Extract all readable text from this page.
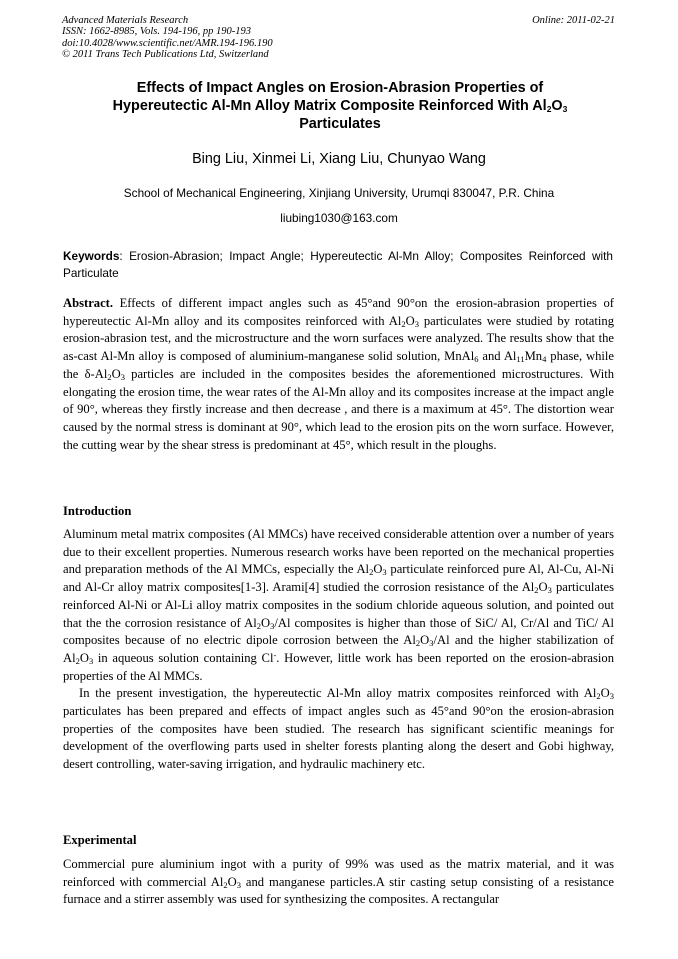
Advanced Materials Research
ISSN: 1662-8985, Vols. 194-196, pp 190-193
doi:10.4028/www.scientific.net/AMR.194-196.190
© 2011 Trans Tech Publications Ltd, Switzerland
Online: 2011-02-21
Effects of Impact Angles on Erosion-Abrasion Properties of
Hypereutectic Al-Mn Alloy Matrix Composite Reinforced With $Al_2O_3$
Particulates
Bing Liu, Xinmei Li, Xiang Liu, Chunyao Wang
School of Mechanical Engineering, Xinjiang University, Urumqi 830047, P.R. China
liubing1030@163.com
Keywords: Erosion-Abrasion; Impact Angle; Hypereutectic Al-Mn Alloy; Composites Reinforced with Particulate

Abstract. Effects of different impact angles such as 45°and 90°on the erosion-abrasion properties of hypereutectic Al-Mn alloy and its composites reinforced with $Al_2O_3$ particulates were studied by rotating erosion-abrasion test, and the microstructure and the worn surfaces were analyzed. The results show that the as-cast Al-Mn alloy is composed of aluminium-manganese solid solution, MnAl$_6$ and $Al_{11}Mn_4$ phase, while the $\delta-Al_2O_3$ particles are included in the composites besides the aforementioned microstructures. With elongating the erosion time, the wear rates of the Al-Mn alloy and its composites increase at the impact angle of 90°, whereas they firstly increase and then decrease , and there is a maximum at 45°. The distortion wear caused by the normal stress is dominant at 90°, which lead to the erosion pits on the worn surface. However, the cutting wear by the shear stress is predominant at 45°, which result in the ploughs.

Introduction

Aluminum metal matrix composites (Al MMCs) have received considerable attention over a number of years due to their excellent properties. Numerous research works have been reported on the mechanical properties and preparation methods of the Al MMCs, especially the $Al_2O_3$ particulate reinforced pure Al, Al-Cu, Al-Ni and Al-Cr alloy matrix composites[1-3]. Arami[4] studied the corrosion resistance of the $Al_2O_3$ particulates reinforced Al-Ni or Al-Li alloy matrix composites in the sodium chloride aqueous solution, and pointed out that the the corrosion resistance of $Al_2O_3/Al$ composites is higher than those of SiC/ Al, Cr/Al and TiC/ Al composites because of no electric dipole corrosion between the $Al_2O_3/Al$ and the higher stabilization of $Al_2O_3$ in aqueous solution containing Cl-. However, little work has been reported on the erosion-abrasion properties of the Al MMCs.

In the present investigation, the hypereutectic Al-Mn alloy matrix composites reinforced with $Al_2O_3$ particulates has been prepared and effects of impact angles such as 45°and 90°on the erosion-abrasion properties of the composites have been studied. The research has significant scientific meanings for development of the overflowing parts used in shelter forests planting along the desert and Gobi highway, desert controlling, water-saving irrigation, and hydraulic machinery etc.

Experimental

Commercial pure aluminium ingot with a purity of 99% was used as the matrix material, and it was reinforced with commercial $Al_2O_3$ and manganese particles.A stir casting setup consisting of a resistance furnace and a stirrer assembly was used for synthesizing the composites. A rectangular
